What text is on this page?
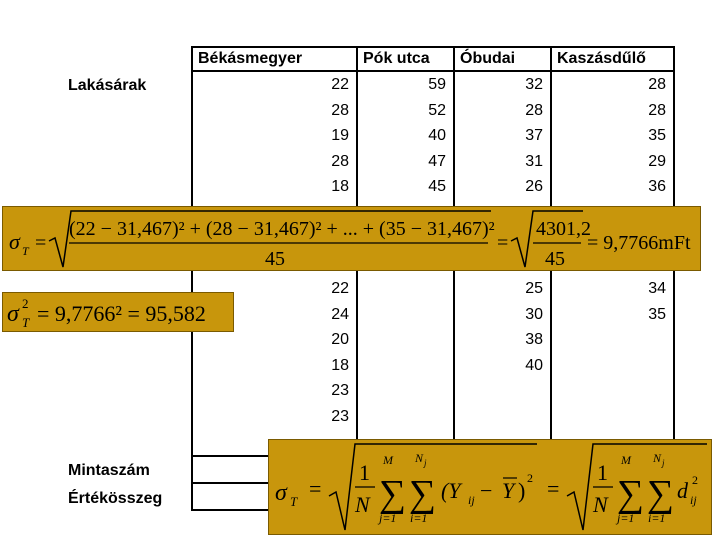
Lakásárak
Mintaszám
Értékösszeg
Békásmegyer	Pók utca	Óbudai	Kaszásdűlő
22	59	32	28
28	52	28	28
19	40	37	35
28	47	31	29
18	45	26	36

22		25	34
24		30	35
20		38	
18		40	
23			
23			

σ T =
(22 − 31,467)² + (28 − 31,467)² + ... + (35 − 31,467)²
45
=
4301,2
45
= 9,7766mFt
σ 2
T = 9,7766² = 95,582
σ T
=
1
N
M
∑
j=1
N j
∑
i=1
(Y ij − Y ) 2 =
1
N
M
∑
j=1
N j
∑
i=1
d ij
2
